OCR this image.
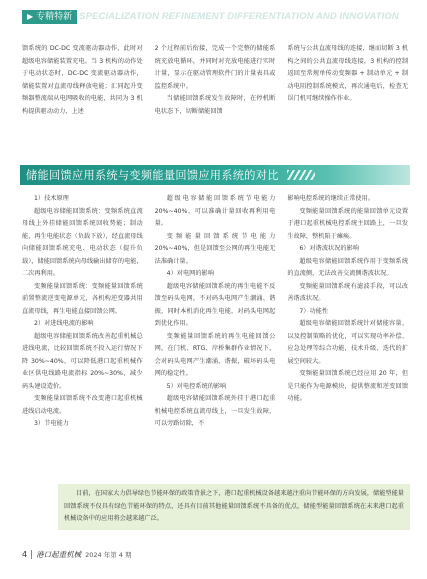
▶ 专精特新 SPECIALIZATION REFINEMENT DIFFERENTIATION AND INNOVATION

馈系统的 DC-DC 变流驱动器动作，此时对超级电容储能装置充电。当 3 机构的动作处于电动状态时，DC-DC 变流驱动器动作，储能装置对直流母线释放电能；汇同起升变频器整流端从电网吸收的电能，共同为 3 机构提供驱动动力，上述

2 个过程前后衔接，完成一个完整的储能系统充放电循环，并同时对充放电能进行实时计量，显示在驱动管理软件门的计量表具或监控系统中。

当储能回馈系统发生故障时，在停机断电状态下，切断储能回馈

系统与公共直流母线的连接，继而切断 3 机构之间的公共直流母线连接，3 机构的控制返回至常规单传动变频器 + 制动单元 + 制动电阻控制系统模式，再次通电后，检查无误门机可继续操作作业。

储能回馈应用系统与变频能量回馈应用系统的对比

1）技术原理

超级电容储能回馈系统：变频系统直流母线上外挂储能回馈系统回收势能；制动能，再生电能状态（负载下放），经直流母线向储能回馈系统充电、电动状态（提升负载），储能回馈系统向母线输出储存的电能，二次再利用。

变频能量回馈系统：变频能量回馈系统前置整流逆变电源单元，各机构逆变器共用直流母线，再生电能直接回馈公网。

2）对进线电流的影响

超级电容储能回馈系统改善起重机械总进线电流，比较回馈系统不投入运行情况下降 30%~40%，可以降低港口起重机械作业区供电线路电流指标 20%~30%，减少码头建设造价。

变频能量回馈系统不改变港口起重机械进线启动电流。

3）节电能力

超级电容储能回馈系统节电能力 20%~40%，可以准确计量回收再利用电量。

变频能量回馈系统节电能力 20%~40%，但是回馈至公网的再生电能无法准确计量。

4）对电网的影响

超级电容储能回馈系统的再生电能不反馈至码头电网，不对码头电网产生潮涌、谐振，同时本机消化再生电能，对码头电网起到优化作用。

变频能量回馈系统的再生电能回馈公网，在门机、RTG、岸桥集群作业情况下，会对码头电网产生潮涌、谐振，破坏码头电网的稳定性。

5）对电控系统的影响

超级电容储能回馈系统外挂于港口起重机械电控系统直流母线上，一旦发生故障，可以旁路切除，不

影响电控系统的继续正常使用。

变频能量回馈系统的能量回馈单元设置于港口起重机械电控系统主回路上，一旦发生故障，整机陷于瘫痪。

6）对谐波状况的影响

超级电容储能回馈系统作用于变频系统的直流侧，无法改善交流侧谐波状况。

变频能量回馈系统有滤波手段，可以改善谐波状况。

7）功能性

超级电容储能回馈系统针对储能容量、以及控制策略的优化，可以实现功率补偿、应急处理等综合功能，技术升级、迭代的扩展空间较大。

变频能量回馈系统已经应用 20 年，但是只能作为电源模块，提供整流和逆变回馈功能。

目前，在国家大力倡导绿色节能环保的政策背景之下，港口起重机械设备越来越注重向节能环保的方向发展，储能型能量回馈系统不仅具有绿色节能环保的特点，还具有目前其他能量回馈系统不具备的优点，储能型能量回馈系统在未来港口起重机械设备中的应用将会越来越广泛。

4 港口起重机械 2024 年第 4 期
